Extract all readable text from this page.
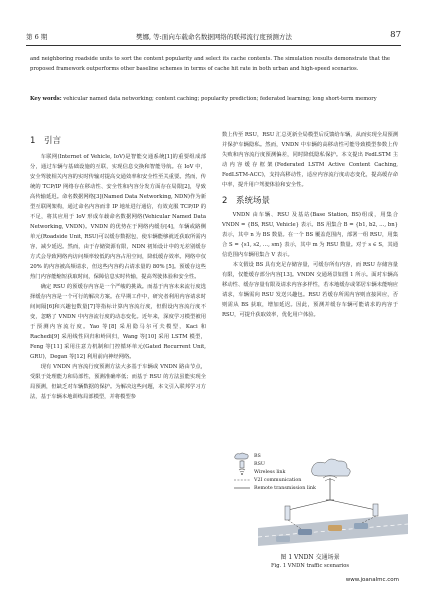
第 6 期	樊娜, 等:面向车载命名数据网络的联邦流行度预测方法	87
and neighboring roadside units to sort the content popularity and select its cache contents. The simulation results demonstrate that the proposed framework outperforms other baseline schemes in terms of cache hit rate in both urban and high-speed scenarios.
Key words: vehicular named data networking; content caching; popularity prediction; federated learning; long short-term memory
1 引言

车联网(Internet of Vehicle, IoV)是智能交通系统[1]的重要组成部分，通过车辆与基础设施的互联，实现信息交换和智能导航。在 IoV 中，安全驾驶相关内容的实时传输对提高交通效率和安全性至关重要。然而，传统的 TCP/IP 网络存在移动性、安全性和内容分发方面存在局限[2]，导致高传输延迟。命名数据网络[3](Named Data Networking, NDN)作为新型互联网架构，通过命名内容而非 IP 地址进行通信，有效克服 TCP/IP 的不足，将其应用于 IoV 形成车载命名数据网络(Vehicular Named Data Networking, VNDN)。VNDN 的优势在于网络内缓存[4]，车辆或路侧单元(Roadside Unit, RSU)可以缓存数据包，使车辆能够就近获取所需内容，减少延迟。然而，由于存储资源有限，NDN 初始设计中的无差别缓存方式会导致网络内访问频率较低的内容占用空间，降低缓存效率。网络中仅 20% 的内容被高频请求，但这些内容约占请求量的 80% [5]。预缓存这些热门内容能缩短获取时间，保障信息实时传输，提高驾驶体验和安全性。

确定 RSU 的预缓存内容是一个严峻的挑战。而基于内容未来流行度选择缓存内容是一个可行的解决方案。在早期工作中，研究者利用内容请求时间间隔[6]和兴趣包数量[7]等指标计算内容流行度，但假设内容流行度不变，忽略了 VNDN 中内容流行度的动态变化。近年来，深度学习模型被用于预测内容流行度。Yao 等[8] 采用隐马尔可夫模型，Kaci 和 Rachedi[9] 采用线性回归和岭回归，Wang 等[10] 采用 LSTM 模型，Feng 等[11] 采用注意力机制和门控循环单元(Gated Recurrent Unit, GRU)，Degan 等[12] 利用前向神经网络。

现有 VNDN 内容流行度预测方法大多基于车辆或 VNDN 路由节点，受限于处理能力和局部性，预测准确率低；而基于 RSU 的方法虽能实现全局预测，但缺乏对车辆数据的保护。为解决这些问题，本文引入联邦学习方法，基于车辆本地训练局部模型，并将模型参

数上传至 RSU，RSU 汇总更新全局模型后反馈给车辆，从而实现全局预测并保护车辆隐私。然而，VNDN 中车辆的高移动性可能导致模型参数上传失败和内容流行度预测偏差，同时降低隐私保护。本文提出 FedLSTM 主动内容缓存框架(Federated LSTM Active Content Caching, FedLSTM-ACC)，支持高移动性，适应内容流行度动态变化，提高缓存命中率，提升用户驾驶体验和安全性。

2 系统场景

VNDN 由车辆、RSU 及基站(Base Station, BS)组成，用集合 VNDN = {BS, RSU, Vehicle} 表示。BS 用集合 B = {b1, b2, …, bn} 表示，其中 n 为 BS 数量。在一个 BS 覆盖范围内，部署一组 RSU，用集合 S = {s1, s2, …, sm} 表示，其中 m 为 RSU 数量。对于 s ∈ S，其通信范围内车辆用集合 V 表示。

本文假设 BS 具有充足存储容量，可缓存所有内容，而 RSU 存储容量有限，仅能缓存部分内容[13]。VNDN 交通场景如图 1 所示。面对车辆高移动性、缓存容量有限及请求内容多样性，若本地缓存或邻居车辆未能响应请求，车辆需向 RSU 发送兴趣包。RSU 若缓存所需内容则直接回应，否则需从 BS 获取，增加延迟。因此，预测并缓存车辆可能请求的内容于 RSU，可提升获取效率，优化用户体验。

BS
RSU
Wireless link
V2I communication
Remote transmission link
图 1 VNDN 交通场景
Fig. 1 VNDN traffic scenarios
www.joanalmc.com
